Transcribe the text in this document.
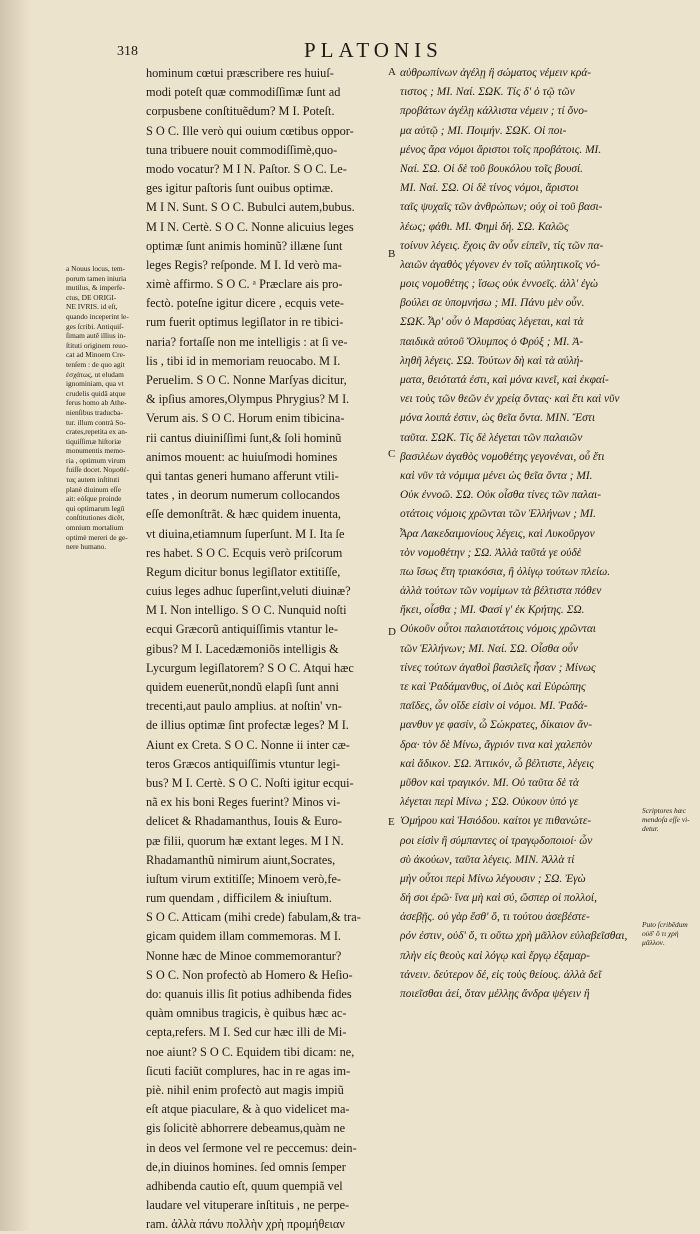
318	PLATONIS
A
B
C
D
E
hominum cœtui præscribere res huiuſ-
modi poteſt quæ commodiſſimæ ſunt ad
corpusbene conſtituẽdum? M I. Poteſt.
S O C. Ille verò qui ouium cœtibus oppor-
tuna tribuere nouit commodiſſimè,quo-
modo vocatur? M I N. Paſtor. S O C. Le-
ges igitur paſtoris ſunt ouibus optimæ.
M I N. Sunt. S O C. Bubulci autem,bubus.
M I N. Certè. S O C. Nonne alicuius leges
optimæ ſunt animis hominũ? illæne ſunt
leges Regis? reſponde. M I. Id verò ma-
ximè affirmo. S O C. ᵃ Præclare ais pro-
fectò. poteſne igitur dicere , ecquis vete-
rum fuerit optimus legiſlator in re tibici-
naria? fortaſſe non me intelligis : at ſi ve-
lis , tibi id in memoriam reuocabo. M I.
Peruelim. S O C. Nonne Marſyas dicitur,
& ipſius amores,Olympus Phrygius? M I.
Verum ais. S O C. Horum enim tibicina-
rii cantus diuiniſſimi ſunt,& ſoli hominũ
animos mouent: ac huiuſmodi homines
qui tantas generi humano afferunt vtili-
tates , in deorum numerum collocandos
eſſe demonſtrãt. & hæc quidem inuenta,
vt diuina,etiamnum ſuperſunt. M I. Ita ſe
res habet. S O C. Ecquis verò priſcorum
Regum dicitur bonus legiſlator extitiſſe,
cuius leges adhuc ſuperſint,veluti diuinæ?
M I. Non intelligo. S O C. Nunquid noſti
ecqui Græcorũ antiquiſſimis vtantur le-
gibus? M I. Lacedæmoniõs intelligis &
Lycurgum legiſlatorem? S O C. Atqui hæc
quidem euenerũt,nondũ elapſi ſunt anni
trecenti,aut paulo amplius. at noſtin' vn-
de illius optimæ ſint profectæ leges? M I.
Aiunt ex Creta. S O C. Nonne ii inter cæ-
teros Græcos antiquiſſimis vtuntur legi-
bus? M I. Certè. S O C. Noſti igitur ecqui-
nã ex his boni Reges fuerint? Minos vi-
delicet & Rhadamanthus, Iouis & Euro-
pæ filii, quorum hæ extant leges. M I N.
Rhadamanthũ nimirum aiunt,Socrates,
iuſtum virum extitiſſe; Minoem verò,fe-
rum quendam , difficilem & iniuſtum.
S O C. Atticam (mihi crede) fabulam,& tra-
gicam quidem illam commemoras. M I.
Nonne hæc de Minoe commemorantur?
S O C. Non profectò ab Homero & Heſio-
do: quanuis illis ſit potius adhibenda fides
quàm omnibus tragicis, è quibus hæc ac-
cepta,refers. M I. Sed cur hæc illi de Mi-
noe aiunt? S O C. Equidem tibi dicam: ne,
ſicuti faciũt complures, hac in re agas im-
piè. nihil enim profectò aut magis impiũ
eſt atque piaculare, & à quo videlicet ma-
gis ſolicitè abhorrere debeamus,quàm ne
in deos vel ſermone vel re peccemus: dein-
de,in diuinos homines. ſed omnis ſemper
adhibenda cautio eſt, quum quempiã vel
laudare vel vituperare inſtituis , ne perpe-
ram. ἀλλὰ πάνυ πολλὴν χρὴ προμήθειαν
αὐθρωπίνων ἀγέλῃ ἢ σώματος νέμειν κρά-
τιστος ; ΜΙ. Ναί. ΣΩΚ. Τίς δ' ὁ τῷ τῶν
προβάτων ἀγέλῃ κάλλιστα νέμειν ; τί ὄνο-
μα αὐτῷ ; ΜΙ. Ποιμήν. ΣΩΚ. Οἱ ποι-
μένος ἄρα νόμοι ἄριστοι τοῖς προβάτοις. ΜΙ.
Ναί. ΣΩ. Οἱ δὲ τοῦ βουκόλου τοῖς βουσί.
ΜΙ. Ναί. ΣΩ. Οἱ δὲ τίνος νόμοι, ἄριστοι
ταῖς ψυχαῖς τῶν ἀνθρώπων; οὐχ οἱ τοῦ βασι-
λέως; φάθι. ΜΙ. Φημὶ δή. ΣΩ. Καλῶς
τοίνυν λέγεις. ἔχοις ἂν οὖν εἰπεῖν, τίς τῶν πα-
λαιῶν ἀγαθὸς γέγονεν ἐν τοῖς αὐλητικοῖς νό-
μοις νομοθέτης ; ἴσως οὐκ ἐννοεῖς. ἀλλ' ἐγὼ
βούλει σε ὑπομνήσω ; ΜΙ. Πάνυ μὲν οὖν.
ΣΩΚ. Ἆρ' οὖν ὁ Μαρσύας λέγεται, καὶ τὰ
παιδικὰ αὐτοῦ Ὄλυμπος ὁ Φρύξ ; ΜΙ. Ἀ-
ληθῆ λέγεις. ΣΩ. Τούτων δὴ καὶ τὰ αὐλή-
ματα, θειότατά ἐστι, καὶ μόνα κινεῖ, καὶ ἐκφαί-
νει τοὺς τῶν θεῶν ἐν χρείᾳ ὄντας· καὶ ἔτι καὶ νῦν
μόνα λοιπά ἐστιν, ὡς θεῖα ὄντα. ΜΙΝ. Ἔστι
ταῦτα. ΣΩΚ. Τίς δὲ λέγεται τῶν παλαιῶν
βασιλέων ἀγαθὸς νομοθέτης γεγονέναι, οὗ ἔτι
καὶ νῦν τὰ νόμιμα μένει ὡς θεῖα ὄντα ; ΜΙ.
Οὐκ ἐννοῶ. ΣΩ. Οὐκ οἶσθα τίνες τῶν παλαι-
οτάτοις νόμοις χρῶνται τῶν Ἑλλήνων ; ΜΙ.
Ἆρα Λακεδαιμονίους λέγεις, καὶ Λυκοῦργον
τὸν νομοθέτην ; ΣΩ. Ἀλλὰ ταῦτά γε οὐδὲ
πω ἴσως ἔτη τριακόσια, ἢ ὀλίγῳ τούτων πλείω.
ἀλλὰ τούτων τῶν νομίμων τὰ βέλτιστα πόθεν
ἥκει, οἶσθα ; ΜΙ. Φασί γ' ἐκ Κρήτης. ΣΩ.
Οὐκοῦν οὗτοι παλαιοτάτοις νόμοις χρῶνται
τῶν Ἑλλήνων; ΜΙ. Ναί. ΣΩ. Οἶσθα οὖν
τίνες τούτων ἀγαθοὶ βασιλεῖς ἦσαν ; Μίνως
τε καὶ Ῥαδάμανθυς, οἱ Διὸς καὶ Εὐρώπης
παῖδες, ὧν οἵδε εἰσὶν οἱ νόμοι. ΜΙ. Ῥαδά-
μανθυν γε φασίν, ὦ Σώκρατες, δίκαιον ἄν-
δρα· τὸν δὲ Μίνω, ἄγριόν τινα καὶ χαλεπὸν
καὶ ἄδικον. ΣΩ. Ἀττικόν, ὦ βέλτιστε, λέγεις
μῦθον καὶ τραγικόν. ΜΙ. Οὐ ταῦτα δὲ τὰ
λέγεται περὶ Μίνω ; ΣΩ. Οὐκουν ὑπό γε
Ὁμήρου καὶ Ἡσιόδου. καίτοι γε πιθανώτε-
ροι εἰσὶν ἢ σύμπαντες οἱ τραγῳδοποιοί· ὧν
σὺ ἀκούων, ταῦτα λέγεις. ΜΙΝ. Ἀλλὰ τί
μὴν οὗτοι περὶ Μίνω λέγουσιν ; ΣΩ. Ἐγὼ
δή σοι ἐρῶ· ἵνα μὴ καὶ σύ, ὥσπερ οἱ πολλοί,
ἀσεβῇς. οὐ γὰρ ἔσθ' ὅ, τι τούτου ἀσεβέστε-
ρόν ἐστιν, οὐδ' ὅ, τι οὕτω χρὴ μᾶλλον εὐλαβεῖσθαι,
πλὴν εἰς θεοὺς καὶ λόγῳ καὶ ἔργῳ ἐξαμαρ-
τάνειν. δεύτερον δέ, εἰς τοὺς θείους. ἀλλὰ δεῖ
ποιεῖσθαι ἀεί, ὅταν μέλλῃς ἄνδρα ψέγειν ἢ
a Nouus locus, tem-
porum tamen iniuria
mutilus, & imperfe-
ctus, DE ORIGI-
NE IVRIS. id eſt,
quando inceperint le-
ges ſcribi. Antiquiſ-
ſimam autẽ illius in-
ſtituti originem reuo-
cat ad Minoem Cre-
tenſem : de quo agit
ἐσχάτως, ut eludam
ignominiam, qua vt
crudelis quidã atque
ferus homo ab Athe-
nienſibus traducba-
tur. illum contrà So-
crates,repetita ex an-
tiquiſſimæ hiſtoriæ
monumentis memo-
ria , optimum virum
fuiſſe docet. Νομοθέ-
τας autem inſtituti
planè diuinum eſſe
ait: eóſque proinde
qui optimarum legũ
conſtitutiones dicẽt,
omnium mortalium
optimè mereri de ge-
nere humano.
Scriptores hæc
mendoſa eſſe vi-
detur.
Puto ſcribẽdum
οὐδ' ὅ τι χρὴ
μᾶλλον.
